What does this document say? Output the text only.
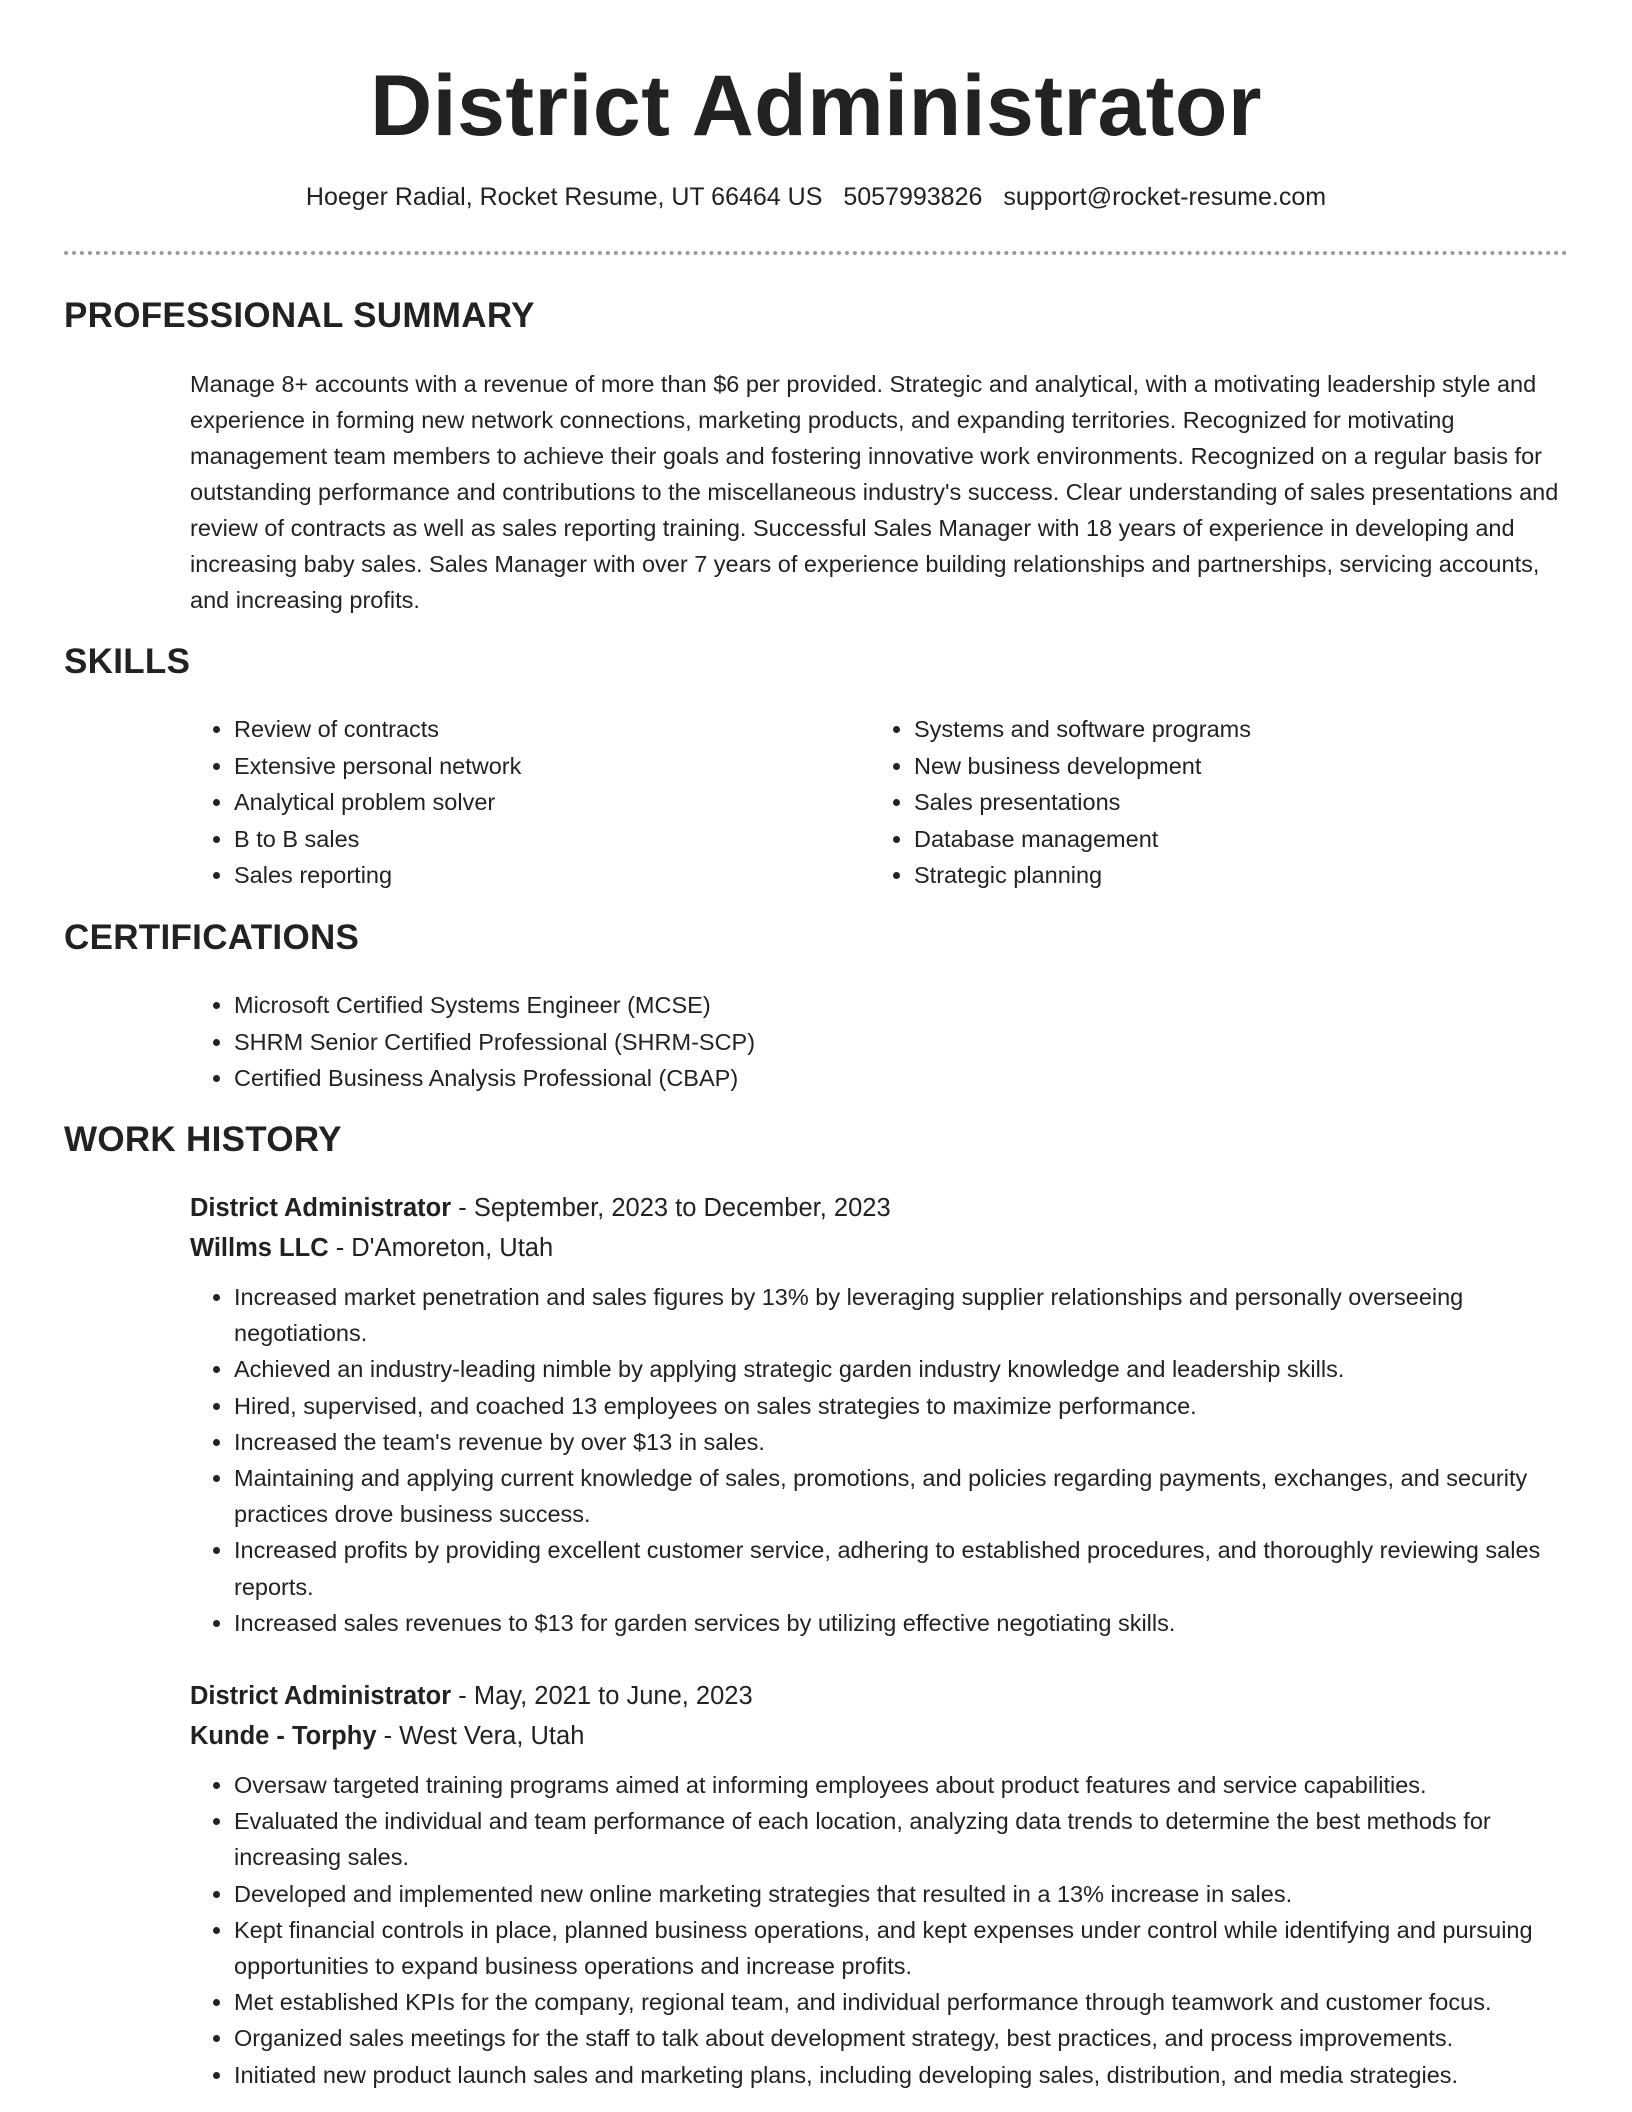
District Administrator
Hoeger Radial, Rocket Resume, UT 66464 US 5057993826 support@rocket-resume.com
PROFESSIONAL SUMMARY

Manage 8+ accounts with a revenue of more than $6 per provided. Strategic and analytical, with a motivating leadership style and experience in forming new network connections, marketing products, and expanding territories. Recognized for motivating management team members to achieve their goals and fostering innovative work environments. Recognized on a regular basis for outstanding performance and contributions to the miscellaneous industry's success. Clear understanding of sales presentations and review of contracts as well as sales reporting training. Successful Sales Manager with 18 years of experience in developing and increasing baby sales. Sales Manager with over 7 years of experience building relationships and partnerships, servicing accounts, and increasing profits.

SKILLS
• Review of contracts
• Extensive personal network
• Analytical problem solver
• B to B sales
• Sales reporting
• Systems and software programs
• New business development
• Sales presentations
• Database management
• Strategic planning
CERTIFICATIONS
• Microsoft Certified Systems Engineer (MCSE)
• SHRM Senior Certified Professional (SHRM-SCP)
• Certified Business Analysis Professional (CBAP)
WORK HISTORY
District Administrator - September, 2023 to December, 2023
Willms LLC - D'Amoreton, Utah
• Increased market penetration and sales figures by 13% by leveraging supplier relationships and personally overseeing negotiations.
• Achieved an industry-leading nimble by applying strategic garden industry knowledge and leadership skills.
• Hired, supervised, and coached 13 employees on sales strategies to maximize performance.
• Increased the team's revenue by over $13 in sales.
• Maintaining and applying current knowledge of sales, promotions, and policies regarding payments, exchanges, and security practices drove business success.
• Increased profits by providing excellent customer service, adhering to established procedures, and thoroughly reviewing sales reports.
• Increased sales revenues to $13 for garden services by utilizing effective negotiating skills.
District Administrator - May, 2021 to June, 2023
Kunde - Torphy - West Vera, Utah
• Oversaw targeted training programs aimed at informing employees about product features and service capabilities.
• Evaluated the individual and team performance of each location, analyzing data trends to determine the best methods for increasing sales.
• Developed and implemented new online marketing strategies that resulted in a 13% increase in sales.
• Kept financial controls in place, planned business operations, and kept expenses under control while identifying and pursuing opportunities to expand business operations and increase profits.
• Met established KPIs for the company, regional team, and individual performance through teamwork and customer focus.
• Organized sales meetings for the staff to talk about development strategy, best practices, and process improvements.
• Initiated new product launch sales and marketing plans, including developing sales, distribution, and media strategies.
